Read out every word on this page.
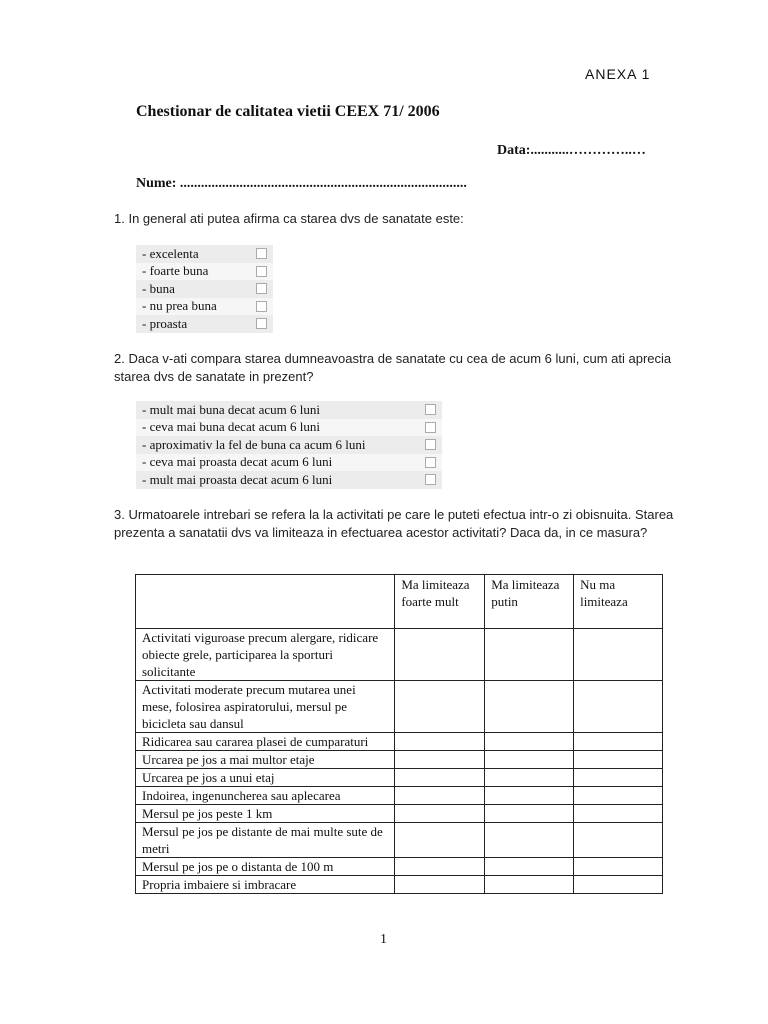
ANEXA 1
Chestionar de calitatea vietii CEEX 71/ 2006
Data:...........…………..…
Nume: ..................................................................................
1. In general ati putea afirma ca starea dvs de sanatate este:
- excelenta
- foarte buna
- buna
- nu prea buna
- proasta
2. Daca v-ati compara starea dumneavoastra de sanatate cu cea de acum 6 luni, cum ati aprecia starea dvs de sanatate in prezent?
- mult mai buna decat acum 6 luni
- ceva mai buna decat acum 6 luni
- aproximativ la fel de buna ca acum 6 luni
- ceva mai proasta decat acum 6 luni
- mult mai proasta decat acum 6 luni
3. Urmatoarele intrebari se refera la la activitati pe care le puteti efectua intr-o zi obisnuita. Starea prezenta a sanatatii dvs va limiteaza in efectuarea acestor activitati? Daca da, in ce masura?
	Ma limiteaza foarte mult	Ma limiteaza putin	Nu ma limiteaza
Activitati viguroase precum alergare, ridicare obiecte grele, participarea la sporturi solicitante			
Activitati moderate precum mutarea unei mese, folosirea aspiratorului, mersul pe bicicleta sau dansul			
Ridicarea sau cararea plasei de cumparaturi			
Urcarea pe jos a mai multor etaje			
Urcarea pe jos a unui etaj			
Indoirea, ingenuncherea sau aplecarea			
Mersul pe jos peste 1 km			
Mersul pe jos pe distante de mai multe sute de metri			
Mersul pe jos pe o distanta de 100 m			
Propria imbaiere si imbracare			
1
